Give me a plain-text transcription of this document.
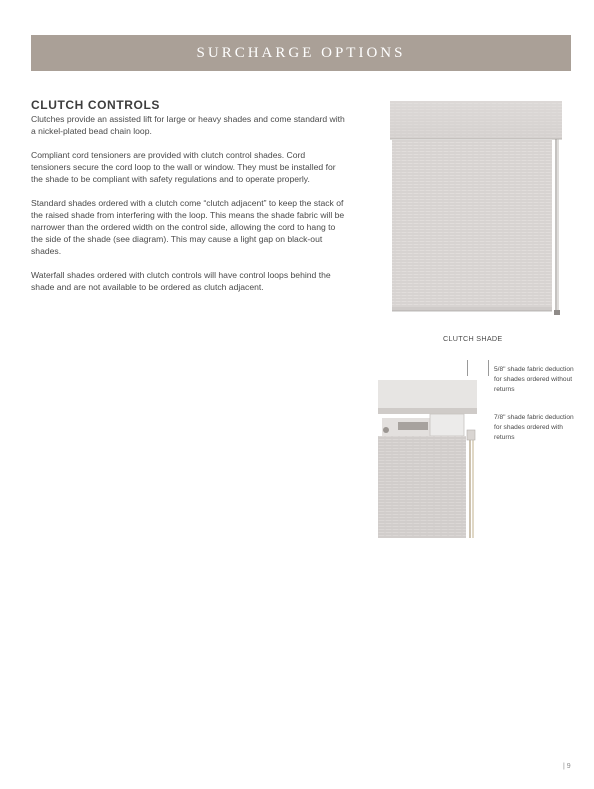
SURCHARGE OPTIONS
CLUTCH CONTROLS

Clutches provide an assisted lift for large or heavy shades and come standard with a nickel-plated bead chain loop.

Compliant cord tensioners are provided with clutch control shades. Cord tensioners secure the cord loop to the wall or window. They must be installed for the shade to be compliant with safety regulations and to operate properly.

Standard shades ordered with a clutch come “clutch adjacent” to keep the stack of the raised shade from interfering with the loop. This means the shade fabric will be narrower than the ordered width on the control side, allowing the cord to hang to the side of the shade (see diagram). This may cause a light gap on black-out shades.

Waterfall shades ordered with clutch controls will have control loops behind the shade and are not available to be ordered as clutch adjacent.

CLUTCH SHADE
5/8" shade fabric deduction for shades ordered without returns
7/8" shade fabric deduction for shades ordered with returns
| 9
